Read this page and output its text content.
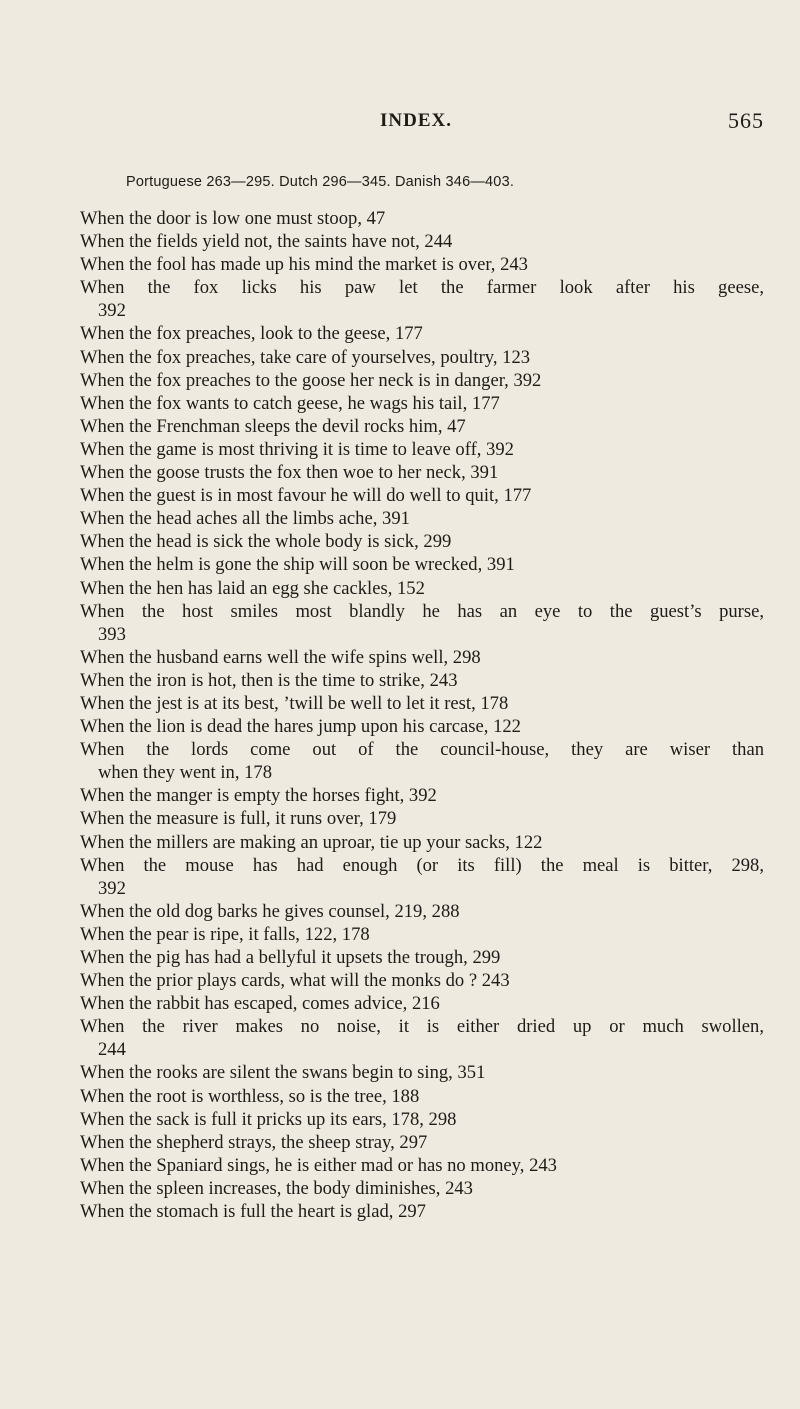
INDEX.	565
Portuguese 263—295. Dutch 296—345. Danish 346—403.
When the door is low one must stoop, 47
When the fields yield not, the saints have not, 244
When the fool has made up his mind the market is over, 243
When the fox licks his paw let the farmer look after his geese,
392
When the fox preaches, look to the geese, 177
When the fox preaches, take care of yourselves, poultry, 123
When the fox preaches to the goose her neck is in danger, 392
When the fox wants to catch geese, he wags his tail, 177
When the Frenchman sleeps the devil rocks him, 47
When the game is most thriving it is time to leave off, 392
When the goose trusts the fox then woe to her neck, 391
When the guest is in most favour he will do well to quit, 177
When the head aches all the limbs ache, 391
When the head is sick the whole body is sick, 299
When the helm is gone the ship will soon be wrecked, 391
When the hen has laid an egg she cackles, 152
When the host smiles most blandly he has an eye to the guest’s purse,
393
When the husband earns well the wife spins well, 298
When the iron is hot, then is the time to strike, 243
When the jest is at its best, ’twill be well to let it rest, 178
When the lion is dead the hares jump upon his carcase, 122
When the lords come out of the council-house, they are wiser than
when they went in, 178
When the manger is empty the horses fight, 392
When the measure is full, it runs over, 179
When the millers are making an uproar, tie up your sacks, 122
When the mouse has had enough (or its fill) the meal is bitter, 298,
392
When the old dog barks he gives counsel, 219, 288
When the pear is ripe, it falls, 122, 178
When the pig has had a bellyful it upsets the trough, 299
When the prior plays cards, what will the monks do ? 243
When the rabbit has escaped, comes advice, 216
When the river makes no noise, it is either dried up or much swollen,
244
When the rooks are silent the swans begin to sing, 351
When the root is worthless, so is the tree, 188
When the sack is full it pricks up its ears, 178, 298
When the shepherd strays, the sheep stray, 297
When the Spaniard sings, he is either mad or has no money, 243
When the spleen increases, the body diminishes, 243
When the stomach is full the heart is glad, 297
